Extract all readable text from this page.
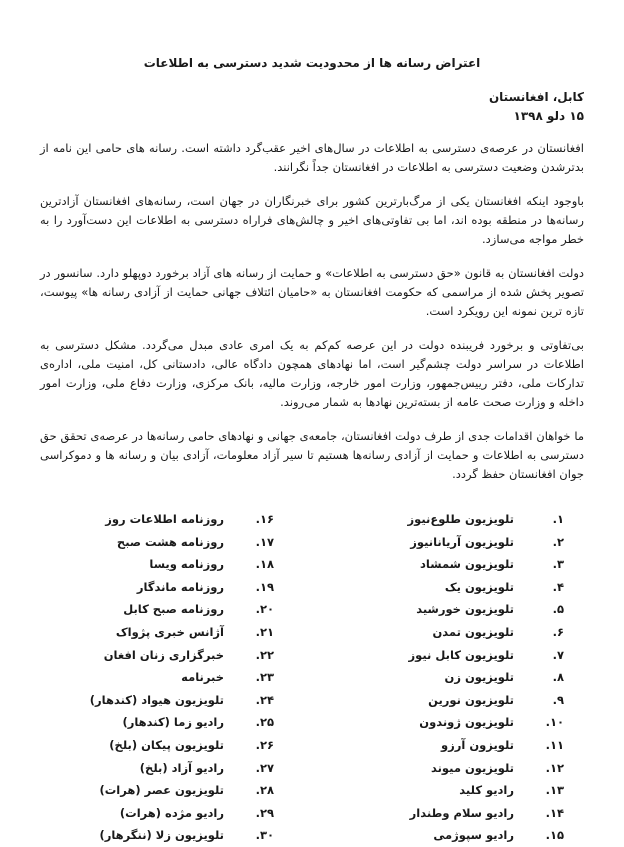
اعتراض رسانه ها از محدودیت شدید دسترسی به اطلاعات

کابل، افغانستان

۱۵ دلو ۱۳۹۸

افغانستان در عرصه‌ی دسترسی به اطلاعات در سال‌های اخیر عقب‌گرد داشته است. رسانه های حامی این نامه از بدترشدن وضعیت دسترسی به اطلاعات در افغانستان جداً نگرانند.

باوجود اینکه افغانستان یکی از مرگ‌بارترین کشور برای خبرنگاران در جهان است، رسانه‌های افغانستان آزادترین رسانه‌ها در منطقه بوده اند، اما بی تفاوتی‌های اخیر و چالش‌های فراراه دسترسی به اطلاعات این دست‌آورد را به خطر مواجه می‌سازد.

دولت افغانستان به قانون «حق دسترسی به اطلاعات» و حمایت از رسانه های آزاد برخورد دوپهلو دارد. سانسور در تصویر پخش شده از مراسمی که حکومت افغانستان به «حامیان ائتلاف جهانی حمایت از آزادی رسانه ها» پیوست، تازه ترین نمونه این رویکرد است.

بی‌تفاوتی و برخورد فریبنده دولت در این عرصه کم‌کم به یک امری عادی مبدل می‌گردد. مشکل دسترسی به اطلاعات در سراسر دولت چشم‌گیر است، اما نهادهای همچون دادگاه عالی، دادستانی کل، امنیت ملی، اداره‌ی تدارکات ملی، دفتر رییس‌جمهور، وزارت امور خارجه، وزارت مالیه، بانک مرکزی، وزارت دفاع ملی، وزارت امور داخله و وزارت صحت عامه از بسته‌ترین نهادها به شمار می‌روند.

ما خواهان اقدامات جدی از طرف دولت افغانستان، جامعه‌ی جهانی و نهادهای حامی رسانه‌ها در عرصه‌ی تحقق حق دسترسی به اطلاعات و حمایت از آزادی رسانه‌ها هستیم تا سیر آزاد معلومات، آزادی بیان و رسانه ها و دموکراسی جوان افغانستان حفظ گردد.

۱.
تلویزیون طلوع‌نیوز
۲.
تلویزیون آریانانیوز
۳.
تلویزیون شمشاد
۴.
تلویزیون یک
۵.
تلویزیون خورشید
۶.
تلویزیون تمدن
۷.
تلویزیون کابل نیوز
۸.
تلویزیون زن
۹.
تلویزیون نورین
۱۰.
تلویزیون ژوندون
۱۱.
تلویزون آرزو
۱۲.
تلویزیون میوند
۱۳.
رادیو کلید
۱۴.
رادیو سلام وطندار
۱۵.
رادیو سپوژمی
۱۶.
روزنامه اطلاعات روز
۱۷.
روزنامه هشت صبح
۱۸.
روزنامه ویسا
۱۹.
روزنامه ماندگار
۲۰.
روزنامه صبح کابل
۲۱.
آژانس خبری پژواک
۲۲.
خبرگزاری زنان افغان
۲۳.
خبرنامه
۲۴.
تلویزیون هیواد (کندهار)
۲۵.
رادیو زما (کندهار)
۲۶.
تلویزیون پیکان (بلخ)
۲۷.
رادیو آزاد (بلخ)
۲۸.
تلویزیون عصر (هرات)
۲۹.
رادیو مژده (هرات)
۳۰.
تلویزیون زلا (ننگرهار)
